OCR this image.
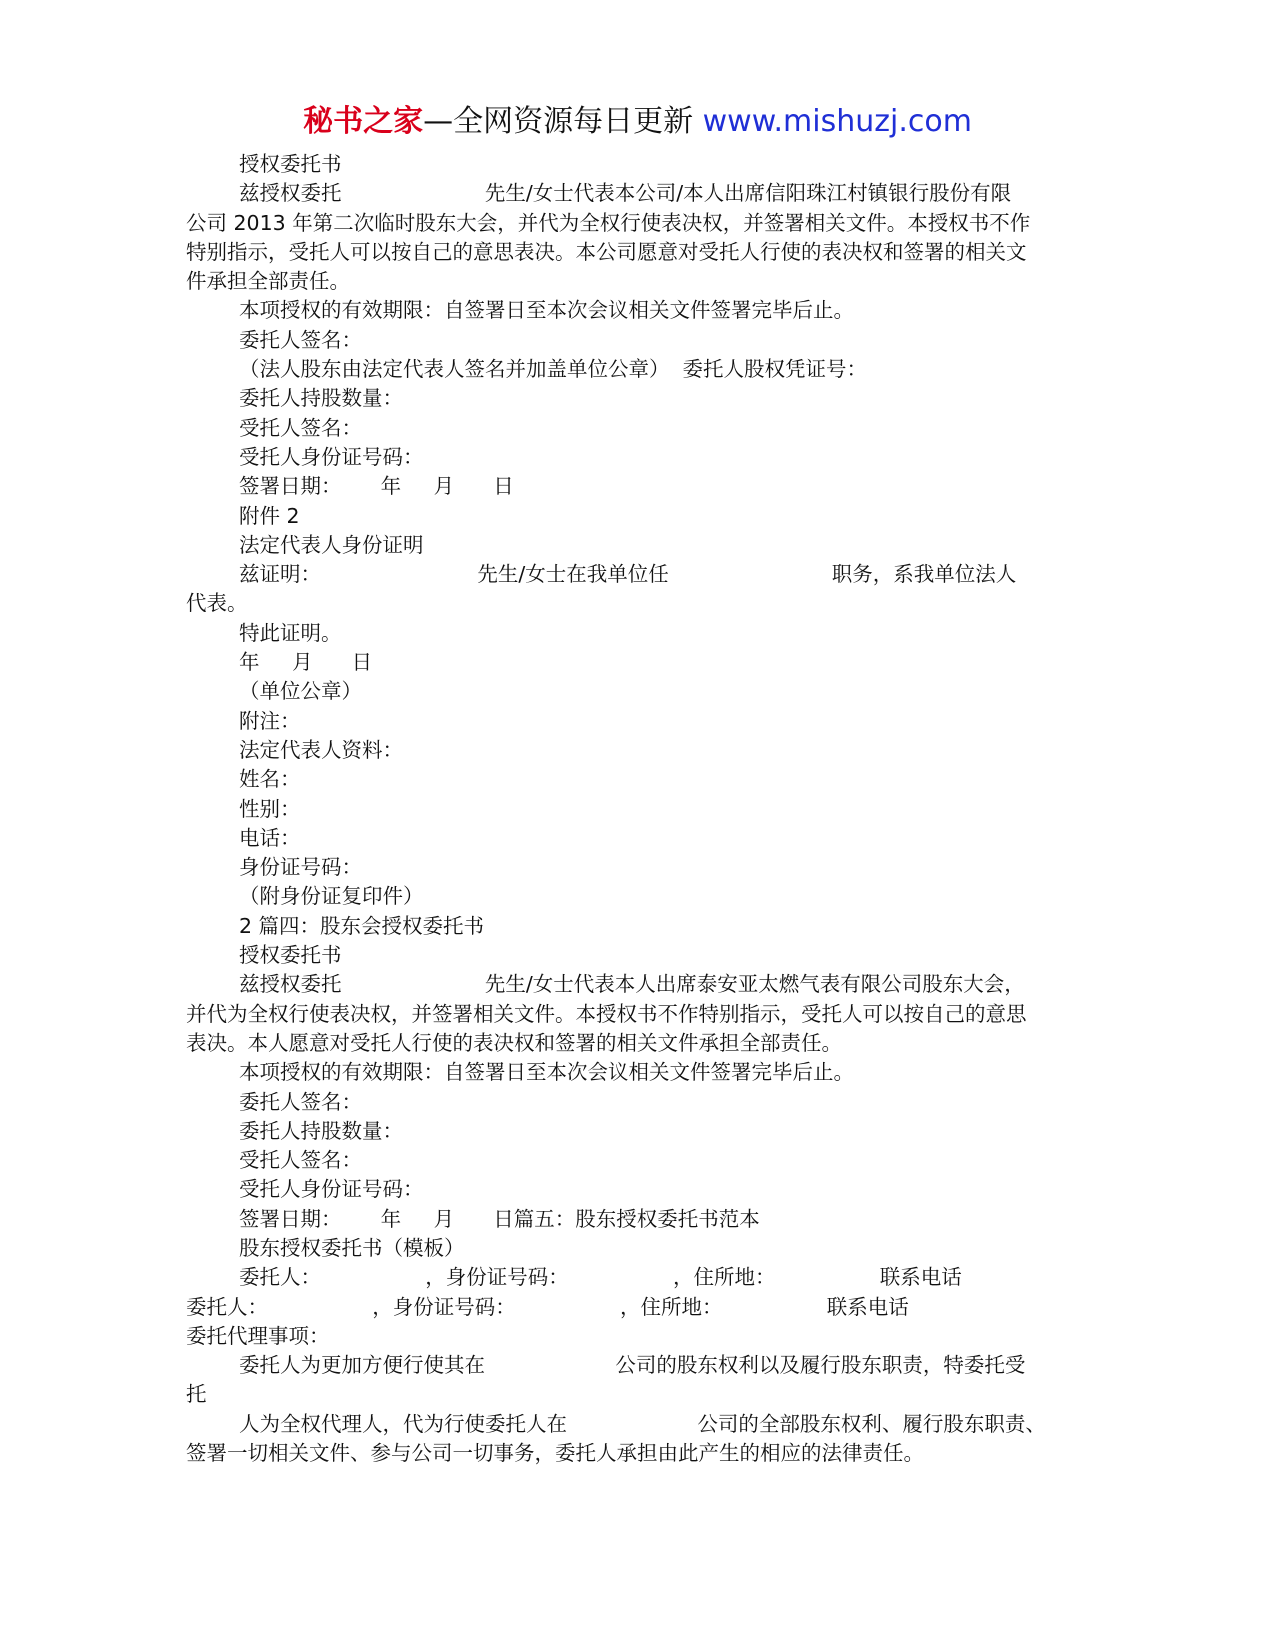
秘书之家—全网资源每日更新 www.mishuzj.com
授权委托书
兹授权委托                      先生/女士代表本公司/本人出席信阳珠江村镇银行股份有限
公司 2013 年第二次临时股东大会，并代为全权行使表决权，并签署相关文件。本授权书不作
特别指示，受托人可以按自己的意思表决。本公司愿意对受托人行使的表决权和签署的相关文
件承担全部责任。
本项授权的有效期限：自签署日至本次会议相关文件签署完毕后止。
委托人签名：
（法人股东由法定代表人签名并加盖单位公章）  委托人股权凭证号：
委托人持股数量：
受托人签名：
受托人身份证号码：
签署日期：      年     月      日
附件 2
法定代表人身份证明
兹证明：                        先生/女士在我单位任                         职务，系我单位法人
代表。
特此证明。
年     月      日
（单位公章）
附注：
法定代表人资料：
姓名：
性别：
电话：
身份证号码：
（附身份证复印件）
2 篇四：股东会授权委托书
授权委托书
兹授权委托                      先生/女士代表本人出席泰安亚太燃气表有限公司股东大会，
并代为全权行使表决权，并签署相关文件。本授权书不作特别指示，受托人可以按自己的意思
表决。本人愿意对受托人行使的表决权和签署的相关文件承担全部责任。
本项授权的有效期限：自签署日至本次会议相关文件签署完毕后止。
委托人签名：
委托人持股数量：
受托人签名：
受托人身份证号码：
签署日期：      年     月      日篇五：股东授权委托书范本
股东授权委托书（模板）
委托人：                ，身份证号码：                ，住所地：                联系电话
委托人：                ，身份证号码：                ，住所地：                联系电话
委托代理事项：
委托人为更加方便行使其在                    公司的股东权利以及履行股东职责，特委托受
托
人为全权代理人，代为行使委托人在                    公司的全部股东权利、履行股东职责、
签署一切相关文件、参与公司一切事务，委托人承担由此产生的相应的法律责任。
